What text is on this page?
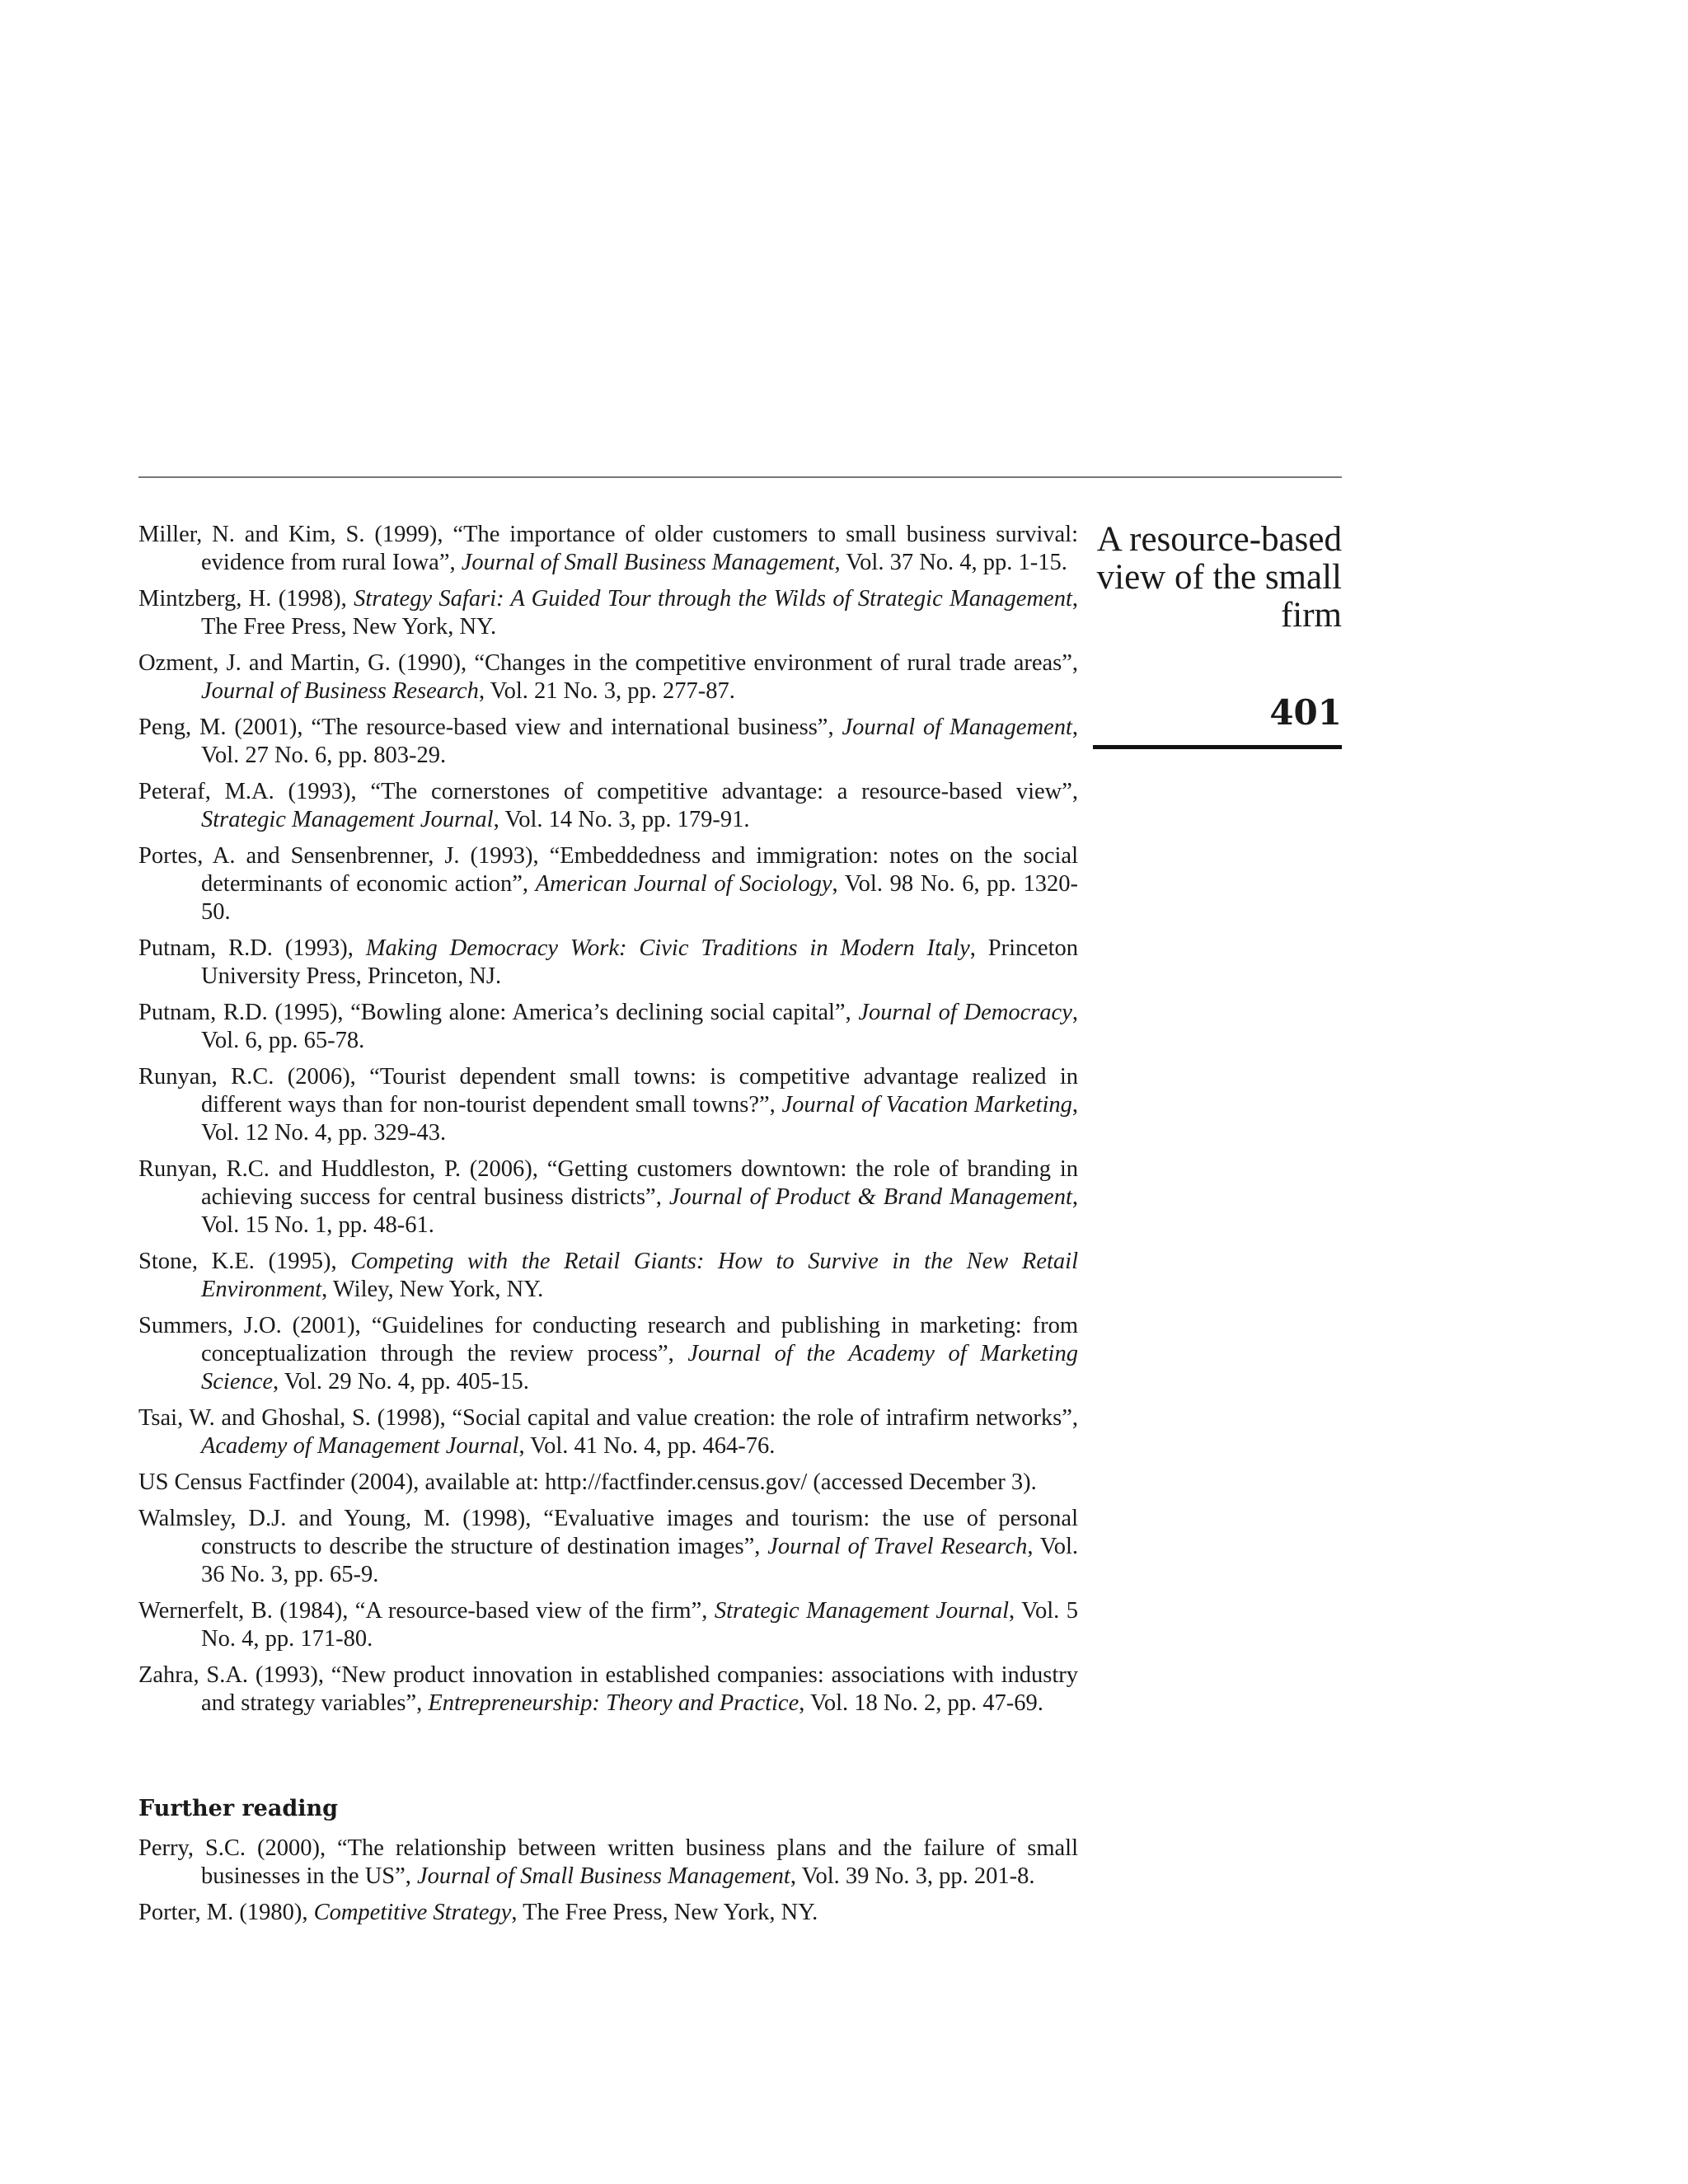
A resource-based view of the small firm
401
Miller, N. and Kim, S. (1999), “The importance of older customers to small business survival: evidence from rural Iowa”, Journal of Small Business Management, Vol. 37 No. 4, pp. 1-15.
Mintzberg, H. (1998), Strategy Safari: A Guided Tour through the Wilds of Strategic Management, The Free Press, New York, NY.
Ozment, J. and Martin, G. (1990), “Changes in the competitive environment of rural trade areas”, Journal of Business Research, Vol. 21 No. 3, pp. 277-87.
Peng, M. (2001), “The resource-based view and international business”, Journal of Management, Vol. 27 No. 6, pp. 803-29.
Peteraf, M.A. (1993), “The cornerstones of competitive advantage: a resource-based view”, Strategic Management Journal, Vol. 14 No. 3, pp. 179-91.
Portes, A. and Sensenbrenner, J. (1993), “Embeddedness and immigration: notes on the social determinants of economic action”, American Journal of Sociology, Vol. 98 No. 6, pp. 1320-50.
Putnam, R.D. (1993), Making Democracy Work: Civic Traditions in Modern Italy, Princeton University Press, Princeton, NJ.
Putnam, R.D. (1995), “Bowling alone: America’s declining social capital”, Journal of Democracy, Vol. 6, pp. 65-78.
Runyan, R.C. (2006), “Tourist dependent small towns: is competitive advantage realized in different ways than for non-tourist dependent small towns?”, Journal of Vacation Marketing, Vol. 12 No. 4, pp. 329-43.
Runyan, R.C. and Huddleston, P. (2006), “Getting customers downtown: the role of branding in achieving success for central business districts”, Journal of Product & Brand Management, Vol. 15 No. 1, pp. 48-61.
Stone, K.E. (1995), Competing with the Retail Giants: How to Survive in the New Retail Environment, Wiley, New York, NY.
Summers, J.O. (2001), “Guidelines for conducting research and publishing in marketing: from conceptualization through the review process”, Journal of the Academy of Marketing Science, Vol. 29 No. 4, pp. 405-15.
Tsai, W. and Ghoshal, S. (1998), “Social capital and value creation: the role of intrafirm networks”, Academy of Management Journal, Vol. 41 No. 4, pp. 464-76.
US Census Factfinder (2004), available at: http://factfinder.census.gov/ (accessed December 3).
Walmsley, D.J. and Young, M. (1998), “Evaluative images and tourism: the use of personal constructs to describe the structure of destination images”, Journal of Travel Research, Vol. 36 No. 3, pp. 65-9.
Wernerfelt, B. (1984), “A resource-based view of the firm”, Strategic Management Journal, Vol. 5 No. 4, pp. 171-80.
Zahra, S.A. (1993), “New product innovation in established companies: associations with industry and strategy variables”, Entrepreneurship: Theory and Practice, Vol. 18 No. 2, pp. 47-69.
Further reading
Perry, S.C. (2000), “The relationship between written business plans and the failure of small businesses in the US”, Journal of Small Business Management, Vol. 39 No. 3, pp. 201-8.
Porter, M. (1980), Competitive Strategy, The Free Press, New York, NY.
